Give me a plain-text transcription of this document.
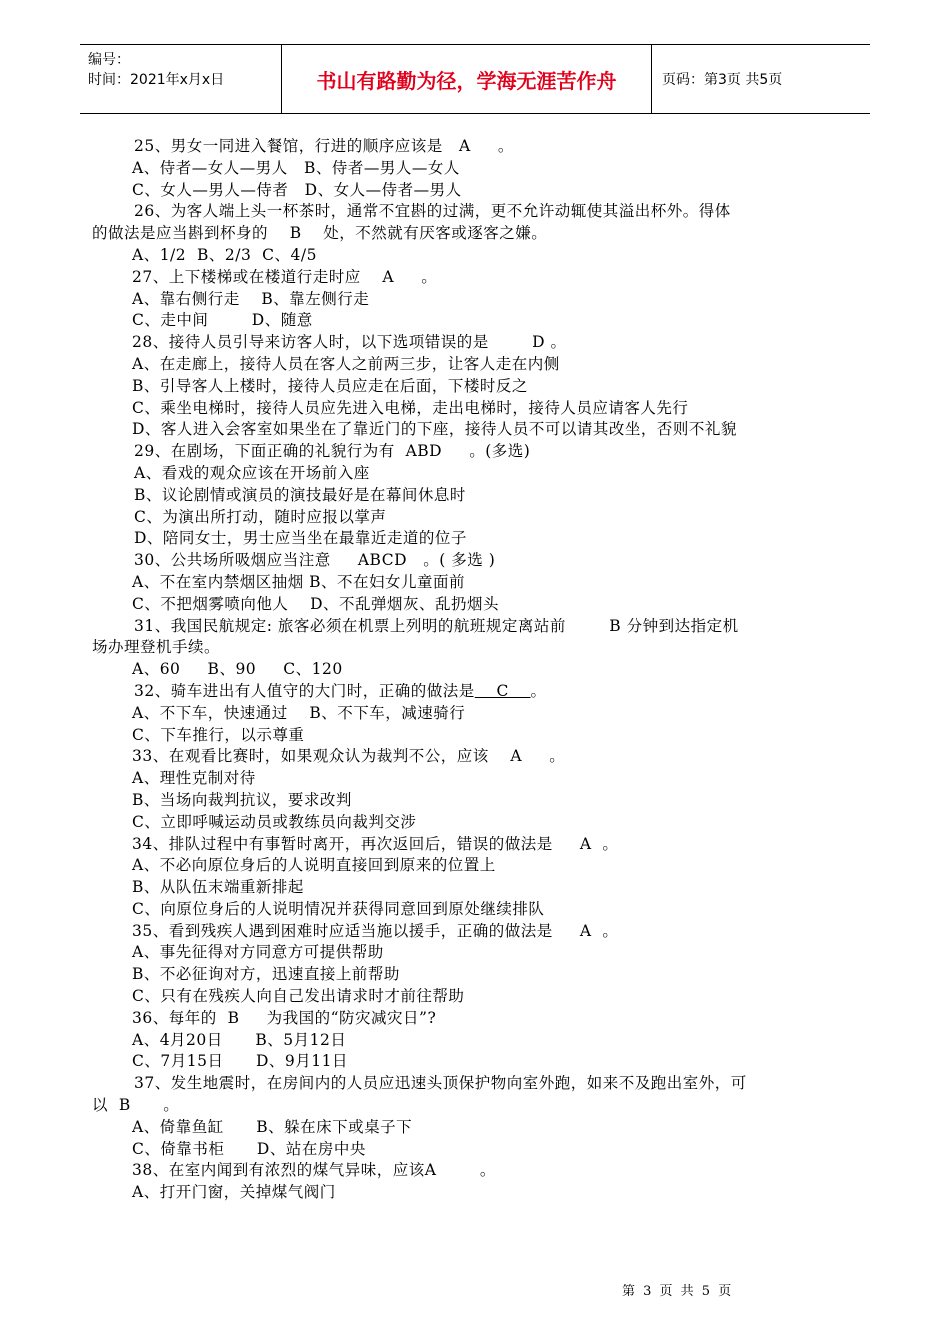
编号：
时间：2021年x月x日	书山有路勤为径，学海无涯苦作舟	页码：第3页 共5页
25、男女一同进入餐馆，行进的顺序应该是   A     。
A、侍者—女人—男人   B、侍者—男人—女人
C、女人—男人—侍者   D、女人—侍者—男人
26、为客人端上头一杯茶时，通常不宜斟的过满，更不允许动辄使其溢出杯外。得体
的做法是应当斟到杯身的    B    处，不然就有厌客或逐客之嫌。
A、1/2  B、2/3  C、4/5
27、上下楼梯或在楼道行走时应    A     。
A、靠右侧行走    B、靠左侧行走
C、走中间        D、随意
28、接待人员引导来访客人时，以下选项错误的是        D 。
A、在走廊上，接待人员在客人之前两三步，让客人走在内侧
B、引导客人上楼时，接待人员应走在后面，下楼时反之
C、乘坐电梯时，接待人员应先进入电梯，走出电梯时，接待人员应请客人先行
D、客人进入会客室如果坐在了靠近门的下座，接待人员不可以请其改坐，否则不礼貌
29、在剧场，下面正确的礼貌行为有  ABD     。(多选)
A、看戏的观众应该在开场前入座
B、议论剧情或演员的演技最好是在幕间休息时
C、为演出所打动，随时应报以掌声
D、陪同女士，男士应当坐在最靠近走道的位子
30、公共场所吸烟应当注意     ABCD   。( 多选 )
A、不在室内禁烟区抽烟 B、不在妇女儿童面前
C、不把烟雾喷向他人    D、不乱弹烟灰、乱扔烟头
31、我国民航规定: 旅客必须在机票上列明的航班规定离站前        B 分钟到达指定机
场办理登机手续。
A、60     B、90     C、120
32、骑车进出有人值守的大门时，正确的做法是    C    。
A、不下车，快速通过    B、不下车，减速骑行
C、下车推行，以示尊重
33、在观看比赛时，如果观众认为裁判不公，应该    A     。
A、理性克制对待
B、当场向裁判抗议，要求改判
C、立即呼喊运动员或教练员向裁判交涉
34、排队过程中有事暂时离开，再次返回后，错误的做法是     A  。
A、不必向原位身后的人说明直接回到原来的位置上
B、从队伍末端重新排起
C、向原位身后的人说明情况并获得同意回到原处继续排队
35、看到残疾人遇到困难时应适当施以援手，正确的做法是     A  。
A、事先征得对方同意方可提供帮助
B、不必征询对方，迅速直接上前帮助
C、只有在残疾人向自己发出请求时才前往帮助
36、每年的  B     为我国的“防灾减灾日”?
A、4月20日      B、5月12日
C、7月15日      D、9月11日
37、发生地震时，在房间内的人员应迅速头顶保护物向室外跑，如来不及跑出室外，可
以  B      。
A、倚靠鱼缸      B、躲在床下或桌子下
C、倚靠书柜      D、站在房中央
38、在室内闻到有浓烈的煤气异味，应该A        。
A、打开门窗，关掉煤气阀门
第 3 页 共 5 页
